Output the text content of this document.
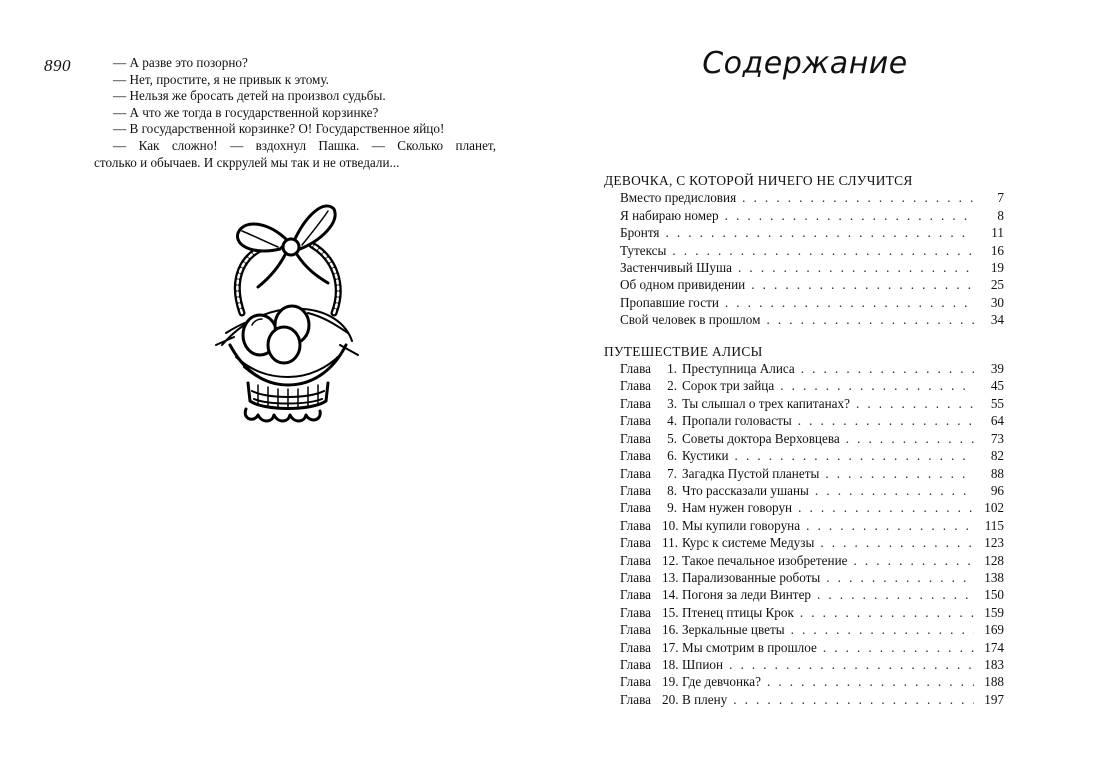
890	— А разве это позорно?
— Нет, простите, я не привык к этому.
— Нельзя же бросать детей на произвол судьбы.
— А что же тогда в государственной корзинке?
— В государственной корзинке? О! Государственное яйцо!
— Как сложно! — вздохнул Пашка. — Сколько планет,
столько и обычаев. И скррулей мы так и не отведали...
Содержание
ДЕВОЧКА, С КОТОРОЙ НИЧЕГО НЕ СЛУЧИТСЯ
Вместо предисловия . . .	7
Я набираю номер . . .	8
Бронтя . . .	11
Тутексы . . .	16
Застенчивый Шуша . . .	19
Об одном привидении . . .	25
Пропавшие гости . . .	30
Свой человек в прошлом . . .	34
ПУТЕШЕСТВИЕ АЛИСЫ
Глава	1. Преступница Алиса . . .	39
Глава	2. Сорок три зайца . . .	45
Глава	3. Ты слышал о трех капитанах? . . .	55
Глава	4. Пропали головасты . . .	64
Глава	5. Советы доктора Верховцева . . .	73
Глава	6. Кустики . . .	82
Глава	7. Загадка Пустой планеты . . .	88
Глава	8. Что рассказали ушаны . . .	96
Глава	9. Нам нужен говорун . . .	102
Глава 10. Мы купили говоруна . . .	115
Глава 11. Курс к системе Медузы . . .	123
Глава 12. Такое печальное изобретение . . .	128
Глава 13. Парализованные роботы . . .	138
Глава 14. Погоня за леди Винтер . . .	150
Глава 15. Птенец птицы Крок . . .	159
Глава 16. Зеркальные цветы . . .	169
Глава 17. Мы смотрим в прошлое . . .	174
Глава 18. Шпион . . .	183
Глава 19. Где девчонка? . . .	188
Глава 20. В плену . . .	197
